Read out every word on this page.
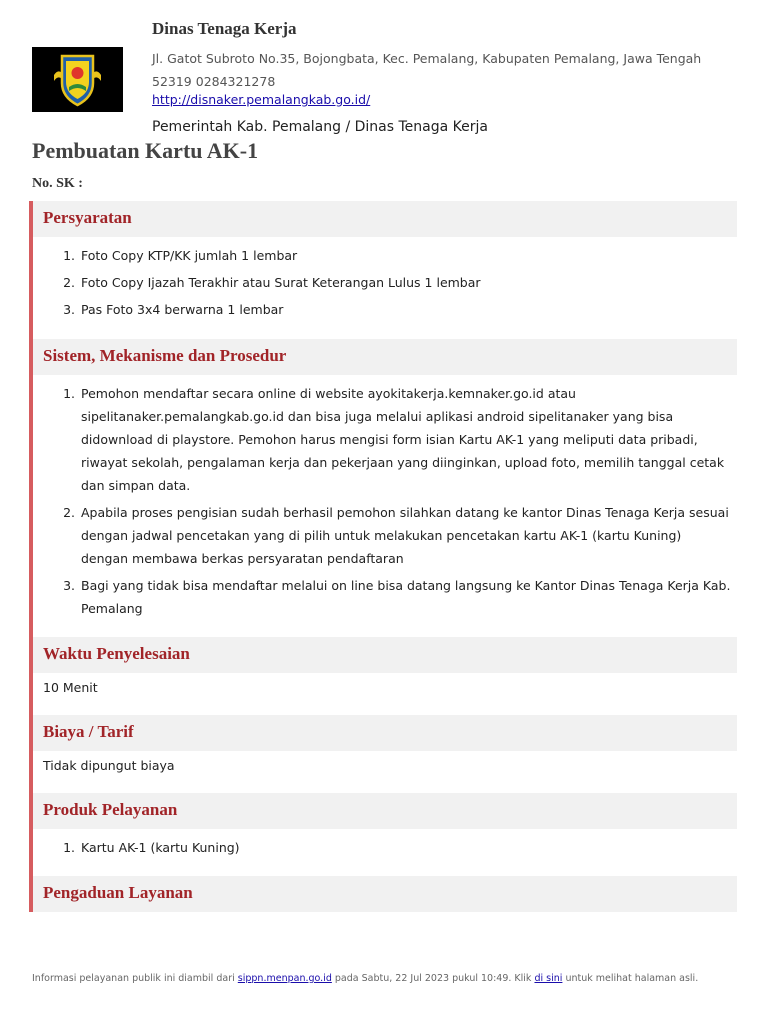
Dinas Tenaga Kerja
Jl. Gatot Subroto No.35, Bojongbata, Kec. Pemalang, Kabupaten Pemalang, Jawa Tengah 52319 0284321278
http://disnaker.pemalangkab.go.id/
Pemerintah Kab. Pemalang / Dinas Tenaga Kerja
Pembuatan Kartu AK-1
No. SK :
Persyaratan
1. Foto Copy KTP/KK jumlah 1 lembar
2. Foto Copy Ijazah Terakhir atau Surat Keterangan Lulus 1 lembar
3. Pas Foto 3x4 berwarna 1 lembar
Sistem, Mekanisme dan Prosedur
1. Pemohon mendaftar secara online di website ayokitakerja.kemnaker.go.id atau sipelitanaker.pemalangkab.go.id dan bisa juga melalui aplikasi android sipelitanaker yang bisa didownload di playstore. Pemohon harus mengisi form isian Kartu AK-1 yang meliputi data pribadi, riwayat sekolah, pengalaman kerja dan pekerjaan yang diinginkan, upload foto, memilih tanggal cetak dan simpan data.
2. Apabila proses pengisian sudah berhasil pemohon silahkan datang ke kantor Dinas Tenaga Kerja sesuai dengan jadwal pencetakan yang di pilih untuk melakukan pencetakan kartu AK-1 (kartu Kuning) dengan membawa berkas persyaratan pendaftaran
3. Bagi yang tidak bisa mendaftar melalui on line bisa datang langsung ke Kantor Dinas Tenaga Kerja Kab. Pemalang
Waktu Penyelesaian
10 Menit
Biaya / Tarif
Tidak dipungut biaya
Produk Pelayanan
1. Kartu AK-1 (kartu Kuning)
Pengaduan Layanan
Informasi pelayanan publik ini diambil dari sippn.menpan.go.id pada Sabtu, 22 Jul 2023 pukul 10:49. Klik di sini untuk melihat halaman asli.
